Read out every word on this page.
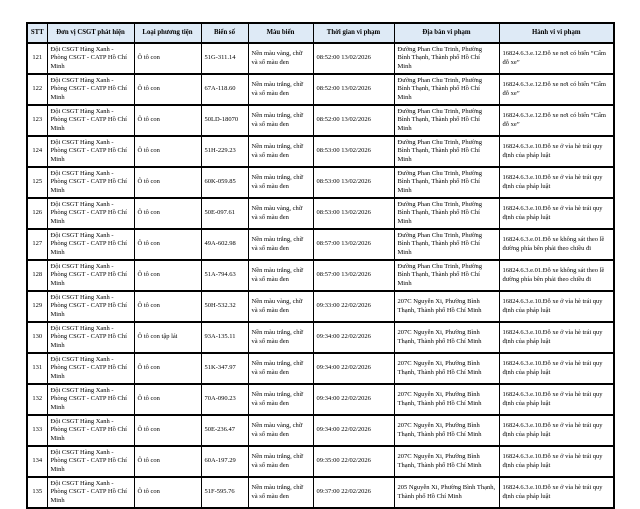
STT	Đơn vị CSGT phát hiện	Loại phương tiện	Biển số	Màu biển	Thời gian vi phạm	Địa bàn vi phạm	Hành vi vi phạm
121	Đội CSGT Hàng Xanh - Phòng CSGT - CATP Hồ Chí Minh	Ô tô con	51G-311.14	Nền màu vàng, chữ và số màu đen	08:52:00 13/02/2026	Đường Phan Chu Trinh, Phường Bình Thạnh, Thành phố Hồ Chí Minh	16824.6.3.e.12.Đỗ xe nơi có biển “Cấm đỗ xe”
122	Đội CSGT Hàng Xanh - Phòng CSGT - CATP Hồ Chí Minh	Ô tô con	67A-118.60	Nền màu trắng, chữ và số màu đen	08:52:00 13/02/2026	Đường Phan Chu Trinh, Phường Bình Thạnh, Thành phố Hồ Chí Minh	16824.6.3.e.12.Đỗ xe nơi có biển “Cấm đỗ xe”
123	Đội CSGT Hàng Xanh - Phòng CSGT - CATP Hồ Chí Minh	Ô tô con	50LD-18070	Nền màu trắng, chữ và số màu đen	08:52:00 13/02/2026	Đường Phan Chu Trinh, Phường Bình Thạnh, Thành phố Hồ Chí Minh	16824.6.3.e.12.Đỗ xe nơi có biển “Cấm đỗ xe”
124	Đội CSGT Hàng Xanh - Phòng CSGT - CATP Hồ Chí Minh	Ô tô con	51H-229.23	Nền màu trắng, chữ và số màu đen	08:53:00 13/02/2026	Đường Phan Chu Trinh, Phường Bình Thạnh, Thành phố Hồ Chí Minh	16824.6.3.e.10.Đỗ xe ở vỉa hè trái quy định của pháp luật
125	Đội CSGT Hàng Xanh - Phòng CSGT - CATP Hồ Chí Minh	Ô tô con	60K-059.85	Nền màu trắng, chữ và số màu đen	08:53:00 13/02/2026	Đường Phan Chu Trinh, Phường Bình Thạnh, Thành phố Hồ Chí Minh	16824.6.3.e.10.Đỗ xe ở vỉa hè trái quy định của pháp luật
126	Đội CSGT Hàng Xanh - Phòng CSGT - CATP Hồ Chí Minh	Ô tô con	50E-097.61	Nền màu vàng, chữ và số màu đen	08:53:00 13/02/2026	Đường Phan Chu Trinh, Phường Bình Thạnh, Thành phố Hồ Chí Minh	16824.6.3.e.10.Đỗ xe ở vỉa hè trái quy định của pháp luật
127	Đội CSGT Hàng Xanh - Phòng CSGT - CATP Hồ Chí Minh	Ô tô con	49A-602.98	Nền màu trắng, chữ và số màu đen	08:57:00 13/02/2026	Đường Phan Chu Trinh, Phường Bình Thạnh, Thành phố Hồ Chí Minh	16824.6.3.e.01.Đỗ xe không sát theo lề đường phía bên phải theo chiều đi
128	Đội CSGT Hàng Xanh - Phòng CSGT - CATP Hồ Chí Minh	Ô tô con	51A-794.63	Nền màu trắng, chữ và số màu đen	08:57:00 13/02/2026	Đường Phan Chu Trinh, Phường Bình Thạnh, Thành phố Hồ Chí Minh	16824.6.3.e.01.Đỗ xe không sát theo lề đường phía bên phải theo chiều đi
129	Đội CSGT Hàng Xanh - Phòng CSGT - CATP Hồ Chí Minh	Ô tô con	50H-532.32	Nền màu vàng, chữ và số màu đen	09:33:00 22/02/2026	207C Nguyễn Xi, Phường Bình Thạnh, Thành phố Hồ Chí Minh	16824.6.3.e.10.Đỗ xe ở vỉa hè trái quy định của pháp luật
130	Đội CSGT Hàng Xanh - Phòng CSGT - CATP Hồ Chí Minh	Ô tô con tập lái	93A-135.11	Nền màu trắng, chữ và số màu đen	09:34:00 22/02/2026	207C Nguyễn Xi, Phường Bình Thạnh, Thành phố Hồ Chí Minh	16824.6.3.e.10.Đỗ xe ở vỉa hè trái quy định của pháp luật
131	Đội CSGT Hàng Xanh - Phòng CSGT - CATP Hồ Chí Minh	Ô tô con	51K-347.97	Nền màu trắng, chữ và số màu đen	09:34:00 22/02/2026	207C Nguyễn Xi, Phường Bình Thạnh, Thành phố Hồ Chí Minh	16824.6.3.e.10.Đỗ xe ở vỉa hè trái quy định của pháp luật
132	Đội CSGT Hàng Xanh - Phòng CSGT - CATP Hồ Chí Minh	Ô tô con	70A-090.23	Nền màu trắng, chữ và số màu đen	09:34:00 22/02/2026	207C Nguyễn Xi, Phường Bình Thạnh, Thành phố Hồ Chí Minh	16824.6.3.e.10.Đỗ xe ở vỉa hè trái quy định của pháp luật
133	Đội CSGT Hàng Xanh - Phòng CSGT - CATP Hồ Chí Minh	Ô tô con	50E-236.47	Nền màu vàng, chữ và số màu đen	09:34:00 22/02/2026	207C Nguyễn Xi, Phường Bình Thạnh, Thành phố Hồ Chí Minh	16824.6.3.e.10.Đỗ xe ở vỉa hè trái quy định của pháp luật
134	Đội CSGT Hàng Xanh - Phòng CSGT - CATP Hồ Chí Minh	Ô tô con	60A-197.29	Nền màu trắng, chữ và số màu đen	09:35:00 22/02/2026	207C Nguyễn Xi, Phường Bình Thạnh, Thành phố Hồ Chí Minh	16824.6.3.e.10.Đỗ xe ở vỉa hè trái quy định của pháp luật
135	Đội CSGT Hàng Xanh - Phòng CSGT - CATP Hồ Chí Minh	Ô tô con	51F-595.76	Nền màu trắng, chữ và số màu đen	09:37:00 22/02/2026	205 Nguyễn Xi, Phường Bình Thạnh, Thành phố Hồ Chí Minh	16824.6.3.e.10.Đỗ xe ở vỉa hè trái quy định của pháp luật
